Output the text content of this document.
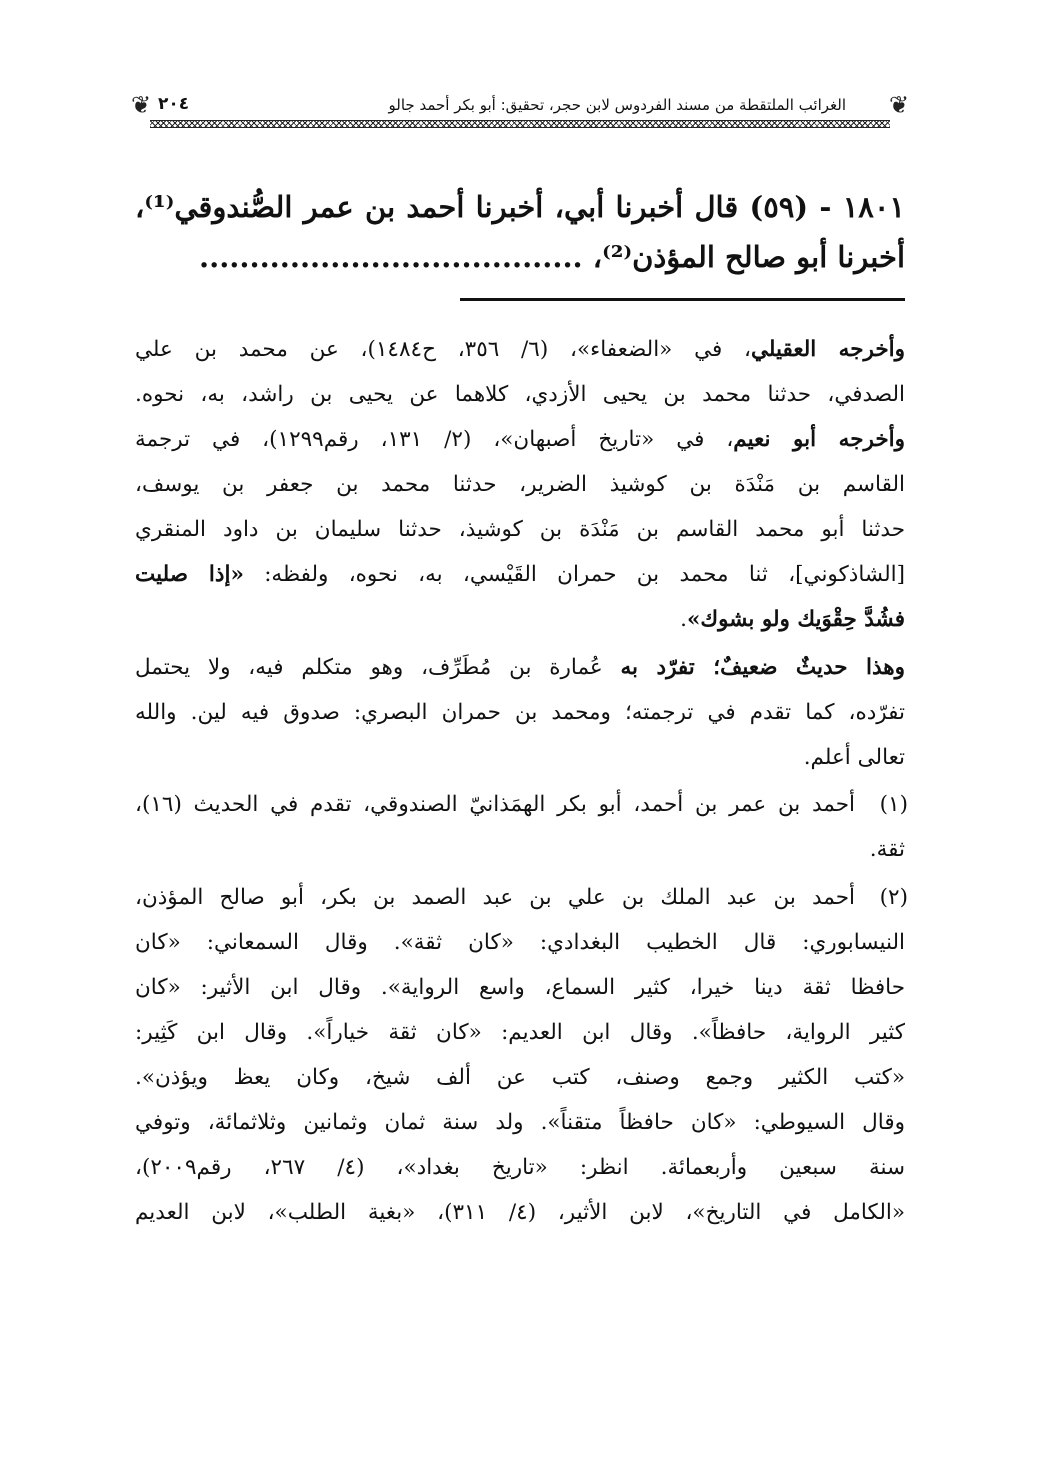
❦
الغرائب الملتقطة من مسند الفردوس لابن حجر، تحقيق: أبو بكر أحمد جالو
٢٠٤
❦
١٨٠١ - (٥٩) قال أخبرنا أبي، أخبرنا أحمد بن عمر الصُّندوقي⁽¹⁾،
أخبرنا أبو صالح المؤذن⁽²⁾، ......................................
وأخرجه العقيلي، في «الضعفاء»، (٦/ ٣٥٦، ح١٤٨٤)، عن محمد بن علي
الصدفي، حدثنا محمد بن يحيى الأزدي، كلاهما عن يحيى بن راشد، به، نحوه.
وأخرجه أبو نعيم، في «تاريخ أصبهان»، (٢/ ١٣١، رقم١٢٩٩)، في ترجمة
القاسم بن مَنْدَة بن كوشيذ الضرير، حدثنا محمد بن جعفر بن يوسف،
حدثنا أبو محمد القاسم بن مَنْدَة بن كوشيذ، حدثنا سليمان بن داود المنقري
[الشاذكوني]، ثنا محمد بن حمران القَيْسي، به، نحوه، ولفظه: «إذا صليت
فشُدَّ حِقْوَيك ولو بشوك».
وهذا حديثٌ ضعيفٌ؛ تفرّد به عُمارة بن مُطَرِّف، وهو متكلم فيه، ولا يحتمل
تفرّده، كما تقدم في ترجمته؛ ومحمد بن حمران البصري: صدوق فيه لين. والله
تعالى أعلم.
(١)
أحمد بن عمر بن أحمد، أبو بكر الهمَذانيّ الصندوقي، تقدم في الحديث (١٦)،
ثقة.
(٢)
أحمد بن عبد الملك بن علي بن عبد الصمد بن بكر، أبو صالح المؤذن،
النيسابوري: قال الخطيب البغدادي: «كان ثقة». وقال السمعاني: «كان
حافظا ثقة دينا خيرا، كثير السماع، واسع الرواية». وقال ابن الأثير: «كان
كثير الرواية، حافظاً». وقال ابن العديم: «كان ثقة خياراً». وقال ابن كَثِير:
«كتب الكثير وجمع وصنف، كتب عن ألف شيخ، وكان يعظ ويؤذن».
وقال السيوطي: «كان حافظاً متقناً». ولد سنة ثمان وثمانين وثلاثمائة، وتوفي
سنة سبعين وأربعمائة. انظر: «تاريخ بغداد»، (٤/ ٢٦٧، رقم٢٠٠٩)،
«الكامل في التاريخ»، لابن الأثير، (٤/ ٣١١)، «بغية الطلب»، لابن العديم
